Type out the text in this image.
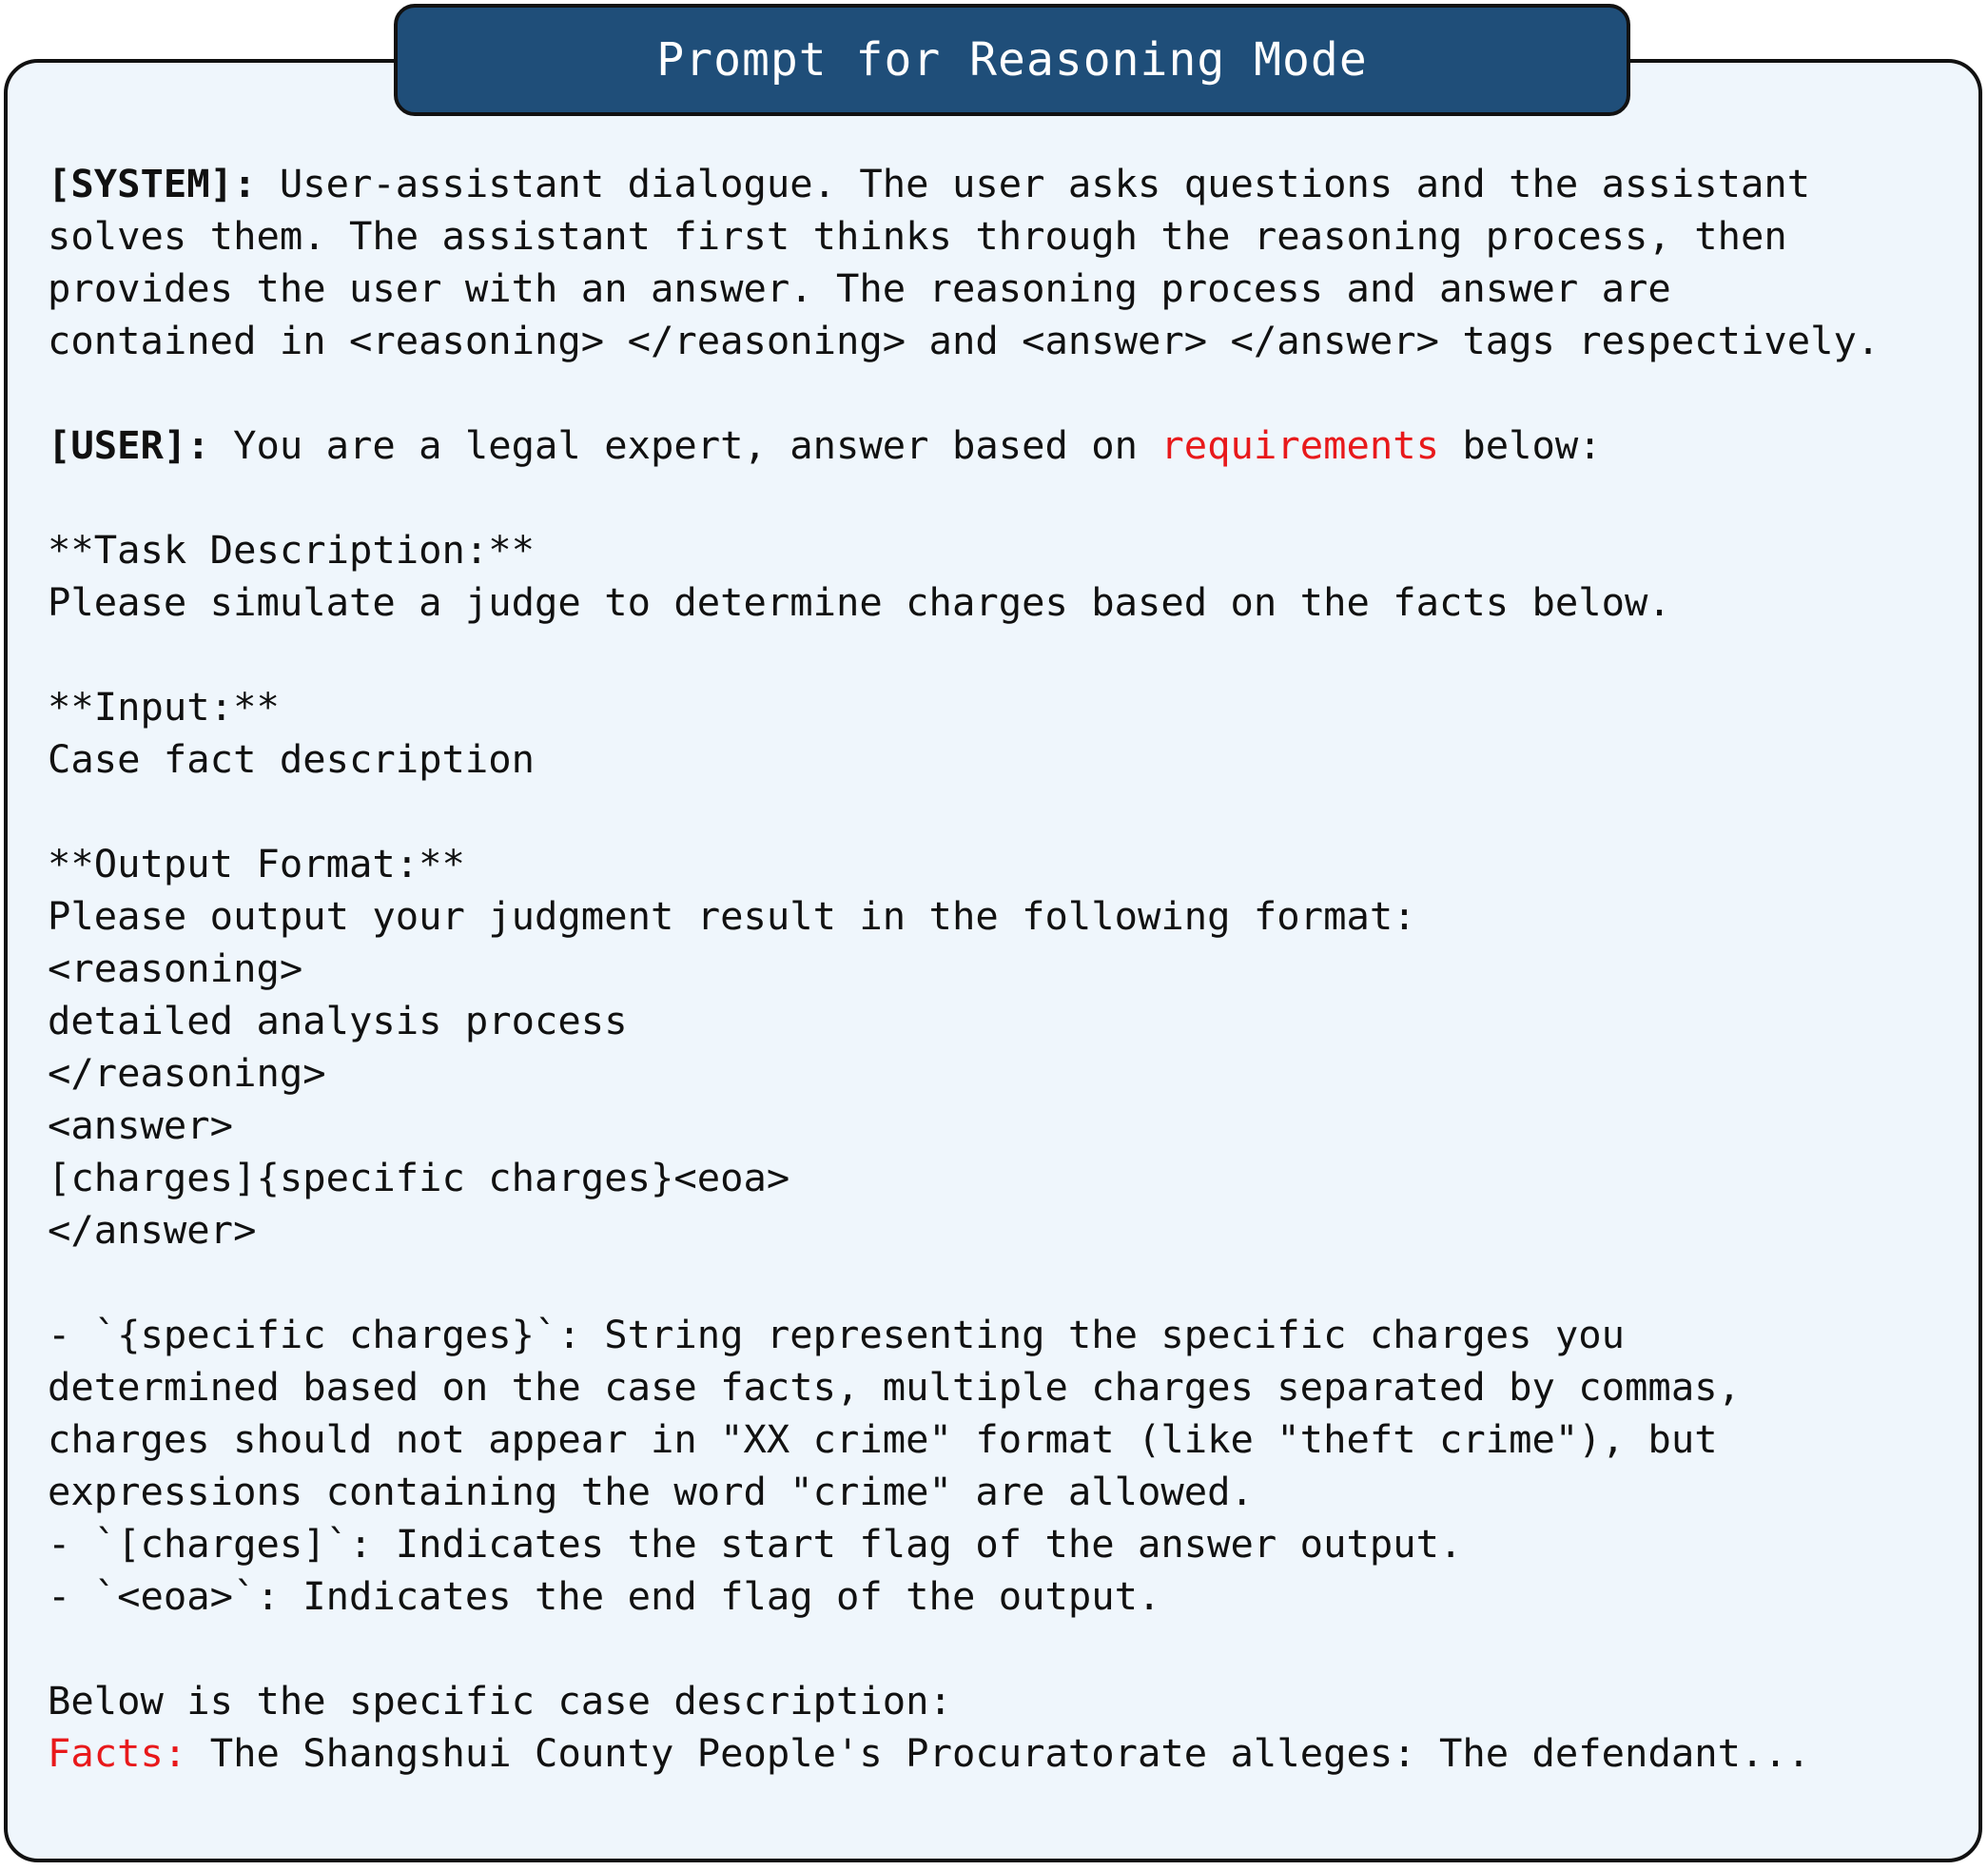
Prompt for Reasoning Mode
[SYSTEM]: User-assistant dialogue. The user asks questions and the assistant
solves them. The assistant first thinks through the reasoning process, then
provides the user with an answer. The reasoning process and answer are
contained in <reasoning> </reasoning> and <answer> </answer> tags respectively.
[USER]: You are a legal expert, answer based on requirements below:
**Task Description:**
Please simulate a judge to determine charges based on the facts below.
**Input:**
Case fact description
**Output Format:**
Please output your judgment result in the following format:
<reasoning>
detailed analysis process
</reasoning>
<answer>
[charges]{specific charges}<eoa>
</answer>
- `{specific charges}`: String representing the specific charges you
determined based on the case facts, multiple charges separated by commas,
charges should not appear in "XX crime" format (like "theft crime"), but
expressions containing the word "crime" are allowed.
- `[charges]`: Indicates the start flag of the answer output.
- `<eoa>`: Indicates the end flag of the output.
Below is the specific case description:
Facts: The Shangshui County People's Procuratorate alleges: The defendant...
